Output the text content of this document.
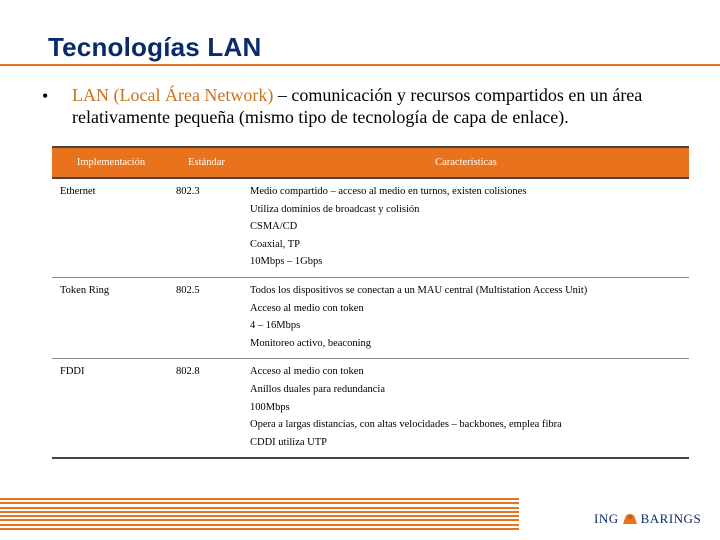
Tecnologías LAN
• LAN (Local Área Network) – comunicación y recursos compartidos en un área relativamente pequeña (mismo tipo de tecnología de capa de enlace).
Implementación	Estándar	Características
Ethernet	802.3	Medio compartido – acceso al medio en turnos, existen colisiones
Utiliza dominios de broadcast y colisión
CSMA/CD
Coaxial, TP
10Mbps – 1Gbps

Token Ring	802.5	Todos los dispositivos se conectan a un MAU central (Multistation Access Unit)
Acceso al medio con token
4 – 16Mbps
Monitoreo activo, beaconing

FDDI	802.8	Acceso al medio con token
Anillos duales para redundancia
100Mbps
Opera a largas distancias, con altas velocidades – backbones, emplea fibra
CDDI utiliza UTP
ING BARINGS
